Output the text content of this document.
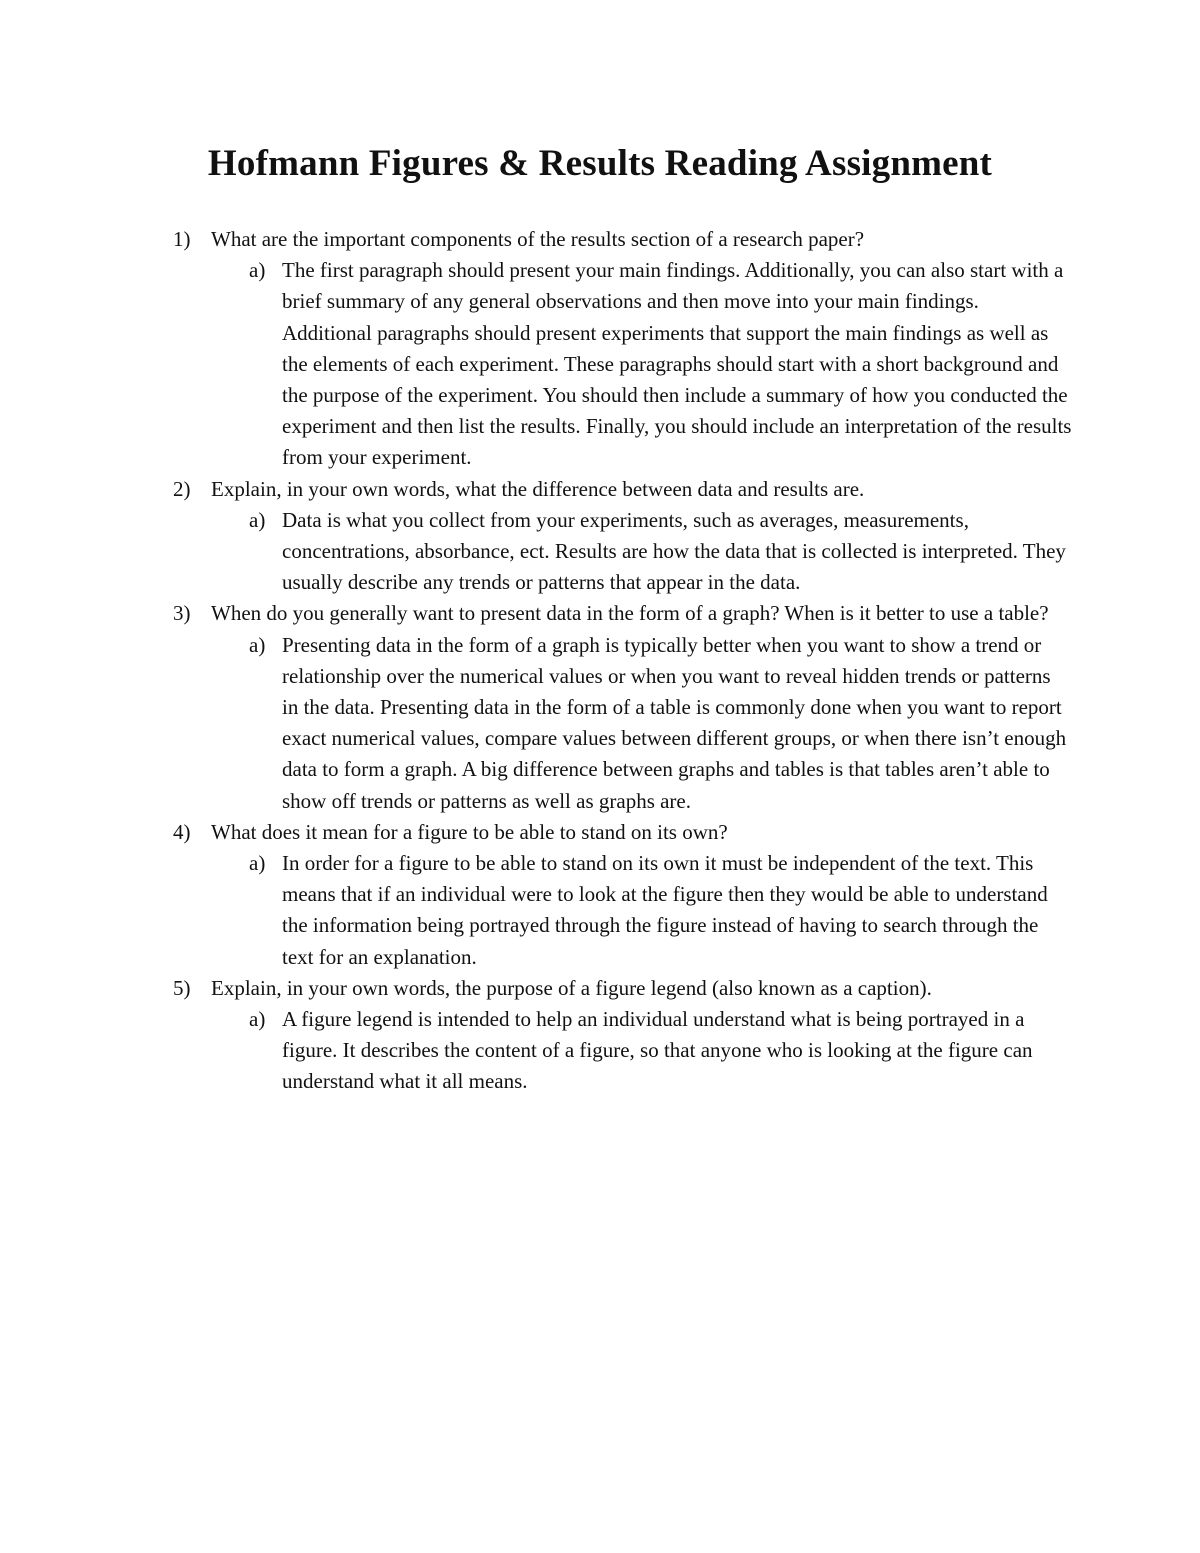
Hofmann Figures & Results Reading Assignment
1) What are the important components of the results section of a research paper?
a) The first paragraph should present your main findings. Additionally, you can also start with a brief summary of any general observations and then move into your main findings. Additional paragraphs should present experiments that support the main findings as well as the elements of each experiment. These paragraphs should start with a short background and the purpose of the experiment. You should then include a summary of how you conducted the experiment and then list the results. Finally, you should include an interpretation of the results from your experiment.
2) Explain, in your own words, what the difference between data and results are.
a) Data is what you collect from your experiments, such as averages, measurements, concentrations, absorbance, ect. Results are how the data that is collected is interpreted. They usually describe any trends or patterns that appear in the data.
3) When do you generally want to present data in the form of a graph? When is it better to use a table?
a) Presenting data in the form of a graph is typically better when you want to show a trend or relationship over the numerical values or when you want to reveal hidden trends or patterns in the data. Presenting data in the form of a table is commonly done when you want to report exact numerical values, compare values between different groups, or when there isn’t enough data to form a graph. A big difference between graphs and tables is that tables aren’t able to show off trends or patterns as well as graphs are.
4) What does it mean for a figure to be able to stand on its own?
a) In order for a figure to be able to stand on its own it must be independent of the text. This means that if an individual were to look at the figure then they would be able to understand the information being portrayed through the figure instead of having to search through the text for an explanation.
5) Explain, in your own words, the purpose of a figure legend (also known as a caption).
a) A figure legend is intended to help an individual understand what is being portrayed in a figure. It describes the content of a figure, so that anyone who is looking at the figure can understand what it all means.
